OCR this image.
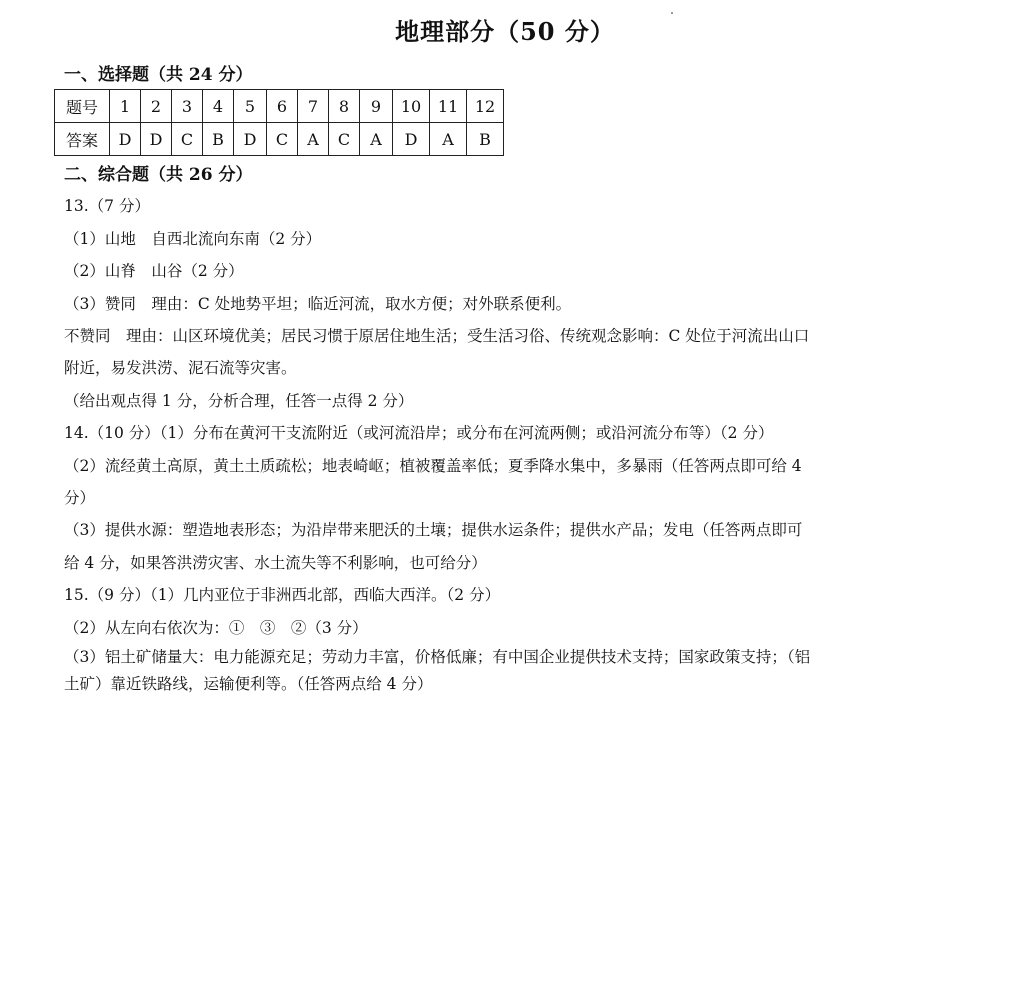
地理部分（50 分）
一、选择题（共 24 分）
题号	1	2	3	4	5	6	7	8	9	10	11	12
答案	D	D	C	B	D	C	A	C	A	D	A	B
二、综合题（共 26 分）
13.（7 分）
（1）山地　自西北流向东南（2 分）
（2）山脊　山谷（2 分）
（3）赞同　理由：C 处地势平坦；临近河流，取水方便；对外联系便利。
不赞同　理由：山区环境优美；居民习惯于原居住地生活；受生活习俗、传统观念影响：C 处位于河流出山口
附近，易发洪涝、泥石流等灾害。
（给出观点得 1 分，分析合理，任答一点得 2 分）
14.（10 分）（1）分布在黄河干支流附近（或河流沿岸；或分布在河流两侧；或沿河流分布等）（2 分）
（2）流经黄土高原，黄土土质疏松；地表崎岖；植被覆盖率低；夏季降水集中，多暴雨（任答两点即可给 4
分）
（3）提供水源：塑造地表形态；为沿岸带来肥沃的土壤；提供水运条件；提供水产品；发电（任答两点即可
给 4 分，如果答洪涝灾害、水土流失等不利影响，也可给分）
15.（9 分）（1）几内亚位于非洲西北部，西临大西洋。（2 分）
（2）从左向右依次为：①　③　②（3 分）
（3）铝土矿储量大：电力能源充足；劳动力丰富，价格低廉；有中国企业提供技术支持；国家政策支持；（铝
土矿）靠近铁路线，运输便利等。（任答两点给 4 分）
